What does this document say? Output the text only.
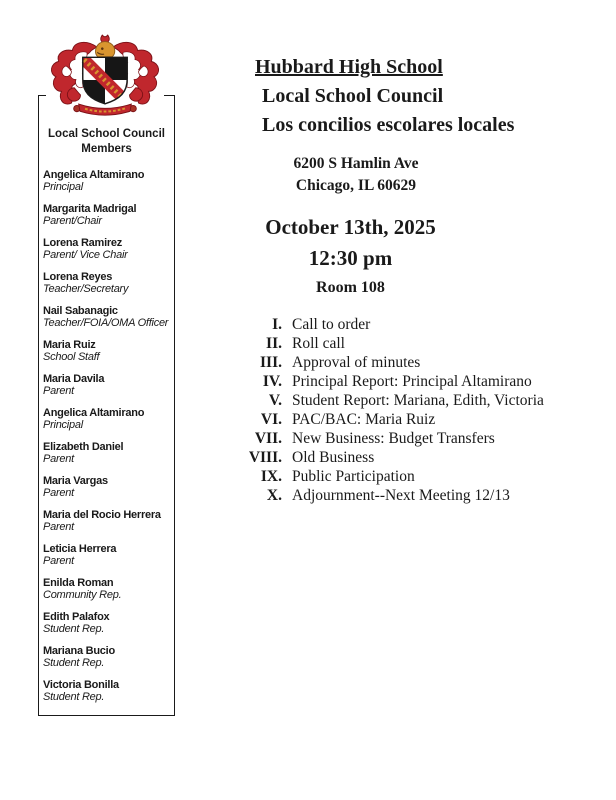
Local School Council
Members
Angelica Altamirano
Principal
Margarita Madrigal
Parent/Chair
Lorena Ramirez
Parent/ Vice Chair
Lorena Reyes
Teacher/Secretary
Nail Sabanagic
Teacher/FOIA/OMA Officer
Maria Ruiz
School Staff
Maria Davila
Parent
Angelica Altamirano
Principal
Elizabeth Daniel
Parent
Maria Vargas
Parent
Maria del Rocio Herrera
Parent
Leticia Herrera
Parent
Enilda Roman
Community Rep.
Edith Palafox
Student Rep.
Mariana Bucio
Student Rep.
Victoria Bonilla
Student Rep.
Hubbard High School
Local School Council
Los concilios escolares locales
6200 S Hamlin Ave
Chicago, IL 60629
October 13th, 2025
12:30 pm
Room 108
I. Call to order
II. Roll call
III. Approval of minutes
IV. Principal Report: Principal Altamirano
V. Student Report: Mariana, Edith, Victoria
VI. PAC/BAC: Maria Ruiz
VII. New Business: Budget Transfers
VIII. Old Business
IX. Public Participation
X. Adjournment--Next Meeting 12/13
